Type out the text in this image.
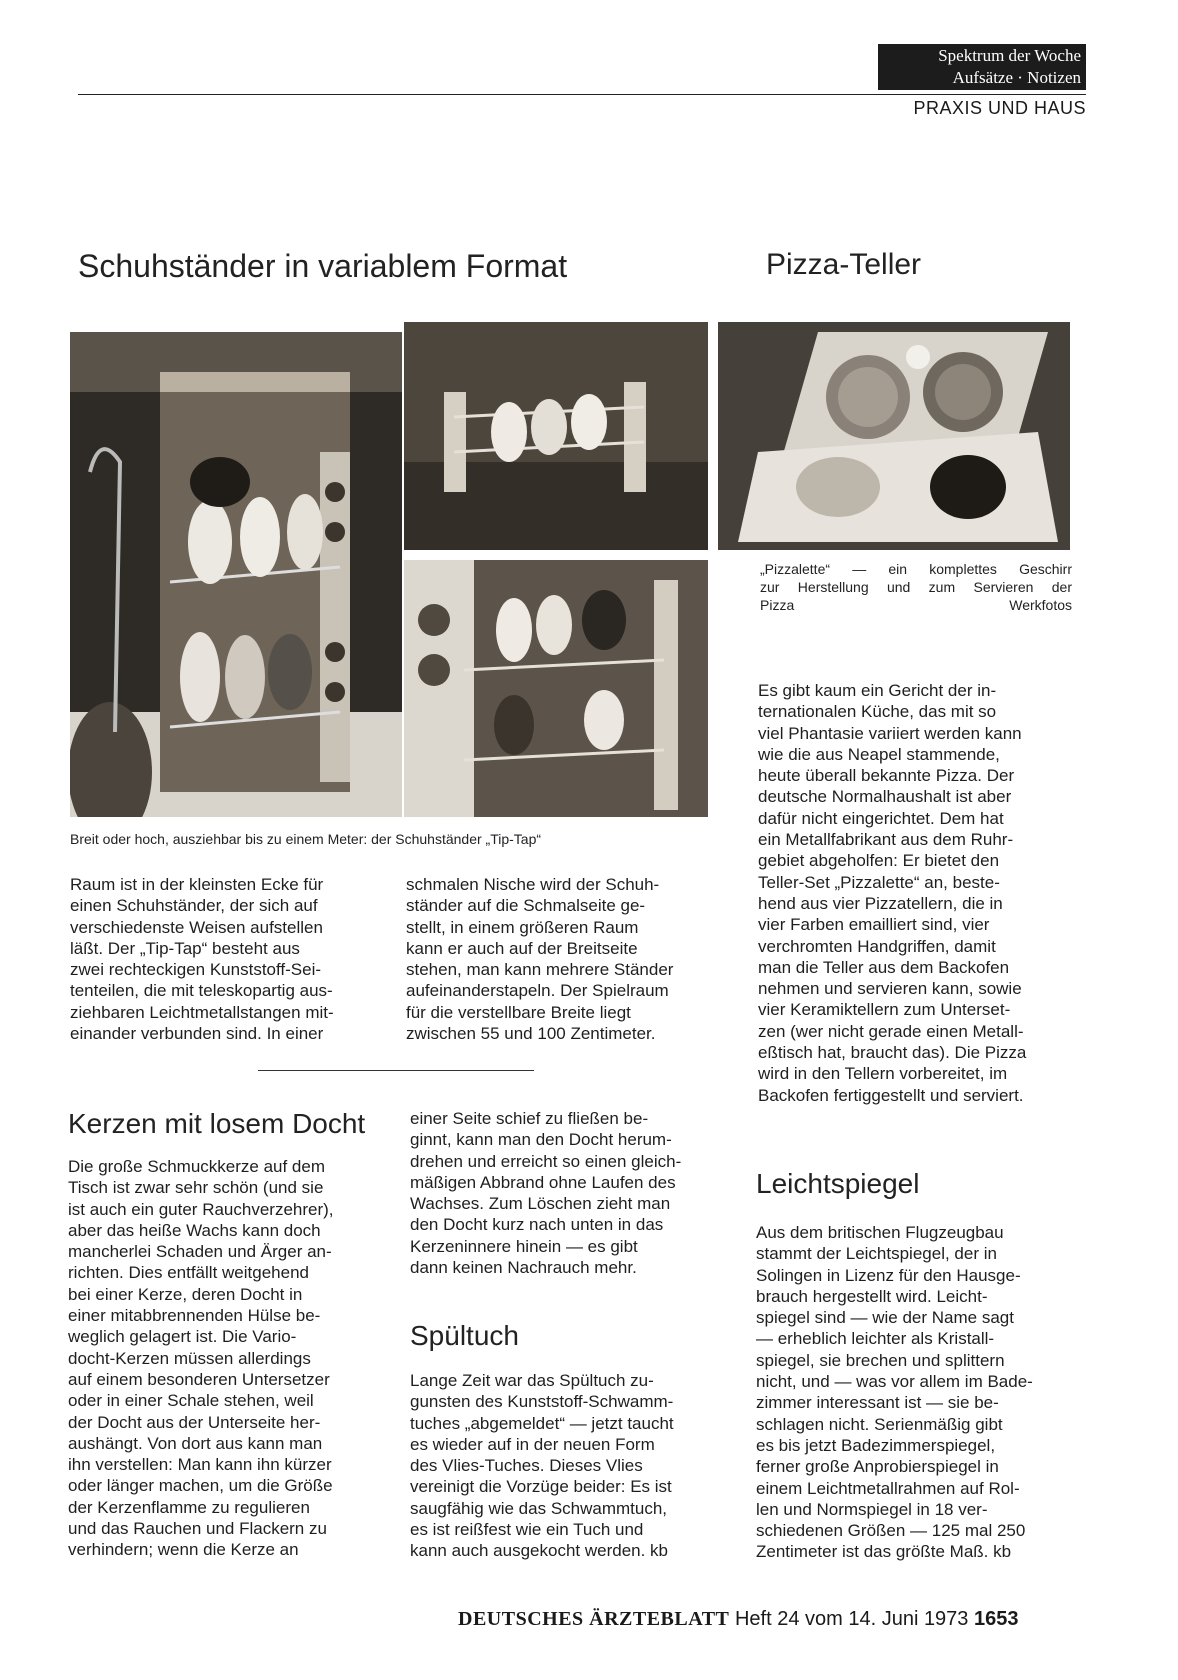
Spektrum der Woche
Aufsätze · Notizen
PRAXIS UND HAUS
Schuhständer in variablem Format	Pizza-Teller
Breit oder hoch, ausziehbar bis zu einem Meter: der Schuhständer „Tip-Tap“
„Pizzalette“ — ein komplettes Geschirr
zur Herstellung und zum Servieren der
Pizza	Werkfotos
Raum ist in der kleinsten Ecke für
einen Schuhständer, der sich auf
verschiedenste Weisen aufstellen
läßt. Der „Tip-Tap“ besteht aus
zwei rechteckigen Kunststoff-Sei-
tenteilen, die mit teleskopartig aus-
ziehbaren Leichtmetallstangen mit-
einander verbunden sind. In einer
schmalen Nische wird der Schuh-
ständer auf die Schmalseite ge-
stellt, in einem größeren Raum
kann er auch auf der Breitseite
stehen, man kann mehrere Ständer
aufeinanderstapeln. Der Spielraum
für die verstellbare Breite liegt
zwischen 55 und 100 Zentimeter.
Es gibt kaum ein Gericht der in-
ternationalen Küche, das mit so
viel Phantasie variiert werden kann
wie die aus Neapel stammende,
heute überall bekannte Pizza. Der
deutsche Normalhaushalt ist aber
dafür nicht eingerichtet. Dem hat
ein Metallfabrikant aus dem Ruhr-
gebiet abgeholfen: Er bietet den
Teller-Set „Pizzalette“ an, beste-
hend aus vier Pizzatellern, die in
vier Farben emailliert sind, vier
verchromten Handgriffen, damit
man die Teller aus dem Backofen
nehmen und servieren kann, sowie
vier Keramiktellern zum Unterset-
zen (wer nicht gerade einen Metall-
eßtisch hat, braucht das). Die Pizza
wird in den Tellern vorbereitet, im
Backofen fertiggestellt und serviert.
Kerzen mit losem Docht
Die große Schmuckkerze auf dem
Tisch ist zwar sehr schön (und sie
ist auch ein guter Rauchverzehrer),
aber das heiße Wachs kann doch
mancherlei Schaden und Ärger an-
richten. Dies entfällt weitgehend
bei einer Kerze, deren Docht in
einer mitabbrennenden Hülse be-
weglich gelagert ist. Die Vario-
docht-Kerzen müssen allerdings
auf einem besonderen Untersetzer
oder in einer Schale stehen, weil
der Docht aus der Unterseite her-
aushängt. Von dort aus kann man
ihn verstellen: Man kann ihn kürzer
oder länger machen, um die Größe
der Kerzenflamme zu regulieren
und das Rauchen und Flackern zu
verhindern; wenn die Kerze an
einer Seite schief zu fließen be-
ginnt, kann man den Docht herum-
drehen und erreicht so einen gleich-
mäßigen Abbrand ohne Laufen des
Wachses. Zum Löschen zieht man
den Docht kurz nach unten in das
Kerzeninnere hinein — es gibt
dann keinen Nachrauch mehr.
Spültuch
Lange Zeit war das Spültuch zu-
gunsten des Kunststoff-Schwamm-
tuches „abgemeldet“ — jetzt taucht
es wieder auf in der neuen Form
des Vlies-Tuches. Dieses Vlies
vereinigt die Vorzüge beider: Es ist
saugfähig wie das Schwammtuch,
es ist reißfest wie ein Tuch und
kann auch ausgekocht werden. kb
Leichtspiegel
Aus dem britischen Flugzeugbau
stammt der Leichtspiegel, der in
Solingen in Lizenz für den Hausge-
brauch hergestellt wird. Leicht-
spiegel sind — wie der Name sagt
— erheblich leichter als Kristall-
spiegel, sie brechen und splittern
nicht, und — was vor allem im Bade-
zimmer interessant ist — sie be-
schlagen nicht. Serienmäßig gibt
es bis jetzt Badezimmerspiegel,
ferner große Anprobierspiegel in
einem Leichtmetallrahmen auf Rol-
len und Normspiegel in 18 ver-
schiedenen Größen — 125 mal 250
Zentimeter ist das größte Maß. kb
DEUTSCHES ÄRZTEBLATT Heft 24 vom 14. Juni 1973 1653
